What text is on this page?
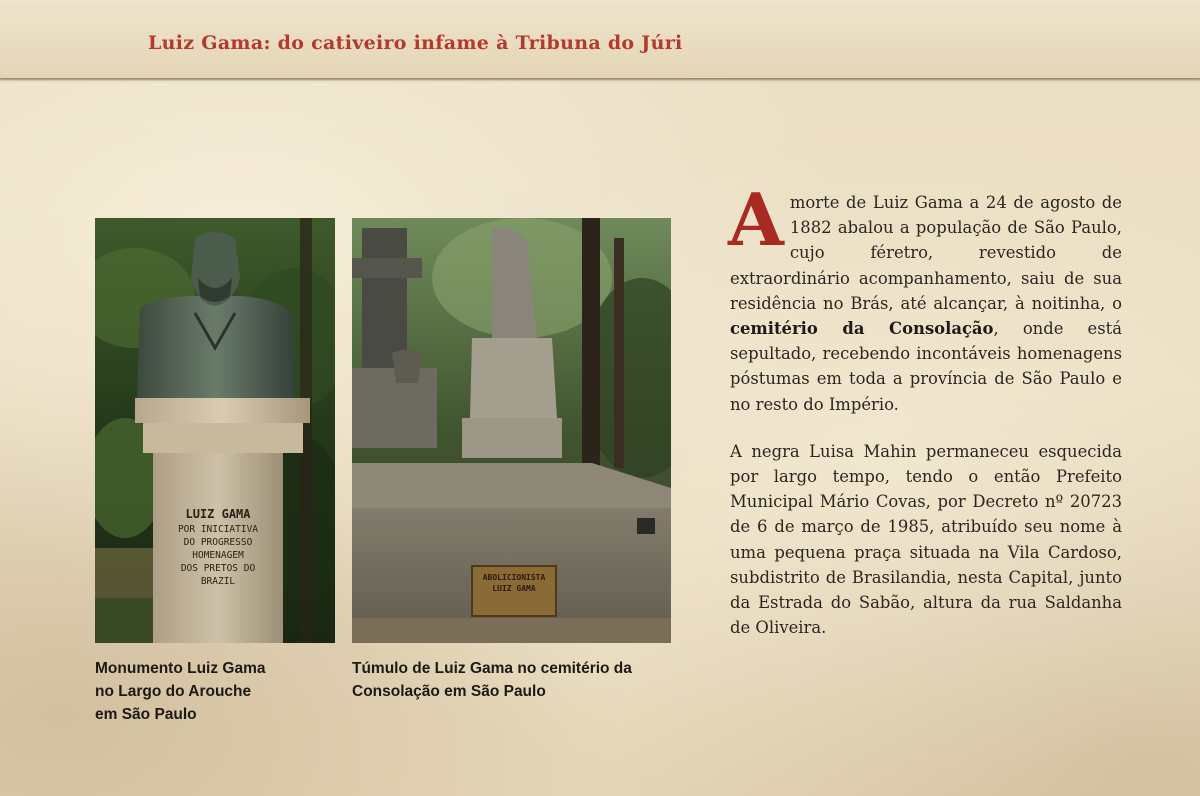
Luiz Gama: do cativeiro infame à Tribuna do Júri
LUIZ GAMA
POR INICIATIVA
DO PROGRESSO
HOMENAGEM
DOS PRETOS DO
BRAZIL	ABOLICIONISTA
LUIZ GAMA
Monumento Luiz Gama
no Largo do Arouche
em São Paulo
Túmulo de Luiz Gama no cemitério da
Consolação em São Paulo

A morte de Luiz Gama a 24 de agosto de 1882 abalou a população de São Paulo, cujo féretro, revestido de extraordinário acompanhamento, saiu de sua residência no Brás, até alcançar, à noitinha, o cemitério da Consolação, onde está sepultado, recebendo incontáveis homenagens póstumas em toda a província de São Paulo e no resto do Império.

A negra Luisa Mahin permaneceu esquecida por largo tempo, tendo o então Prefeito Municipal Mário Covas, por Decreto nº 20723 de 6 de março de 1985, atribuído seu nome à uma pequena praça situada na Vila Cardoso, subdistrito de Brasilandia, nesta Capital, junto da Estrada do Sabão, altura da rua Saldanha de Oliveira.
